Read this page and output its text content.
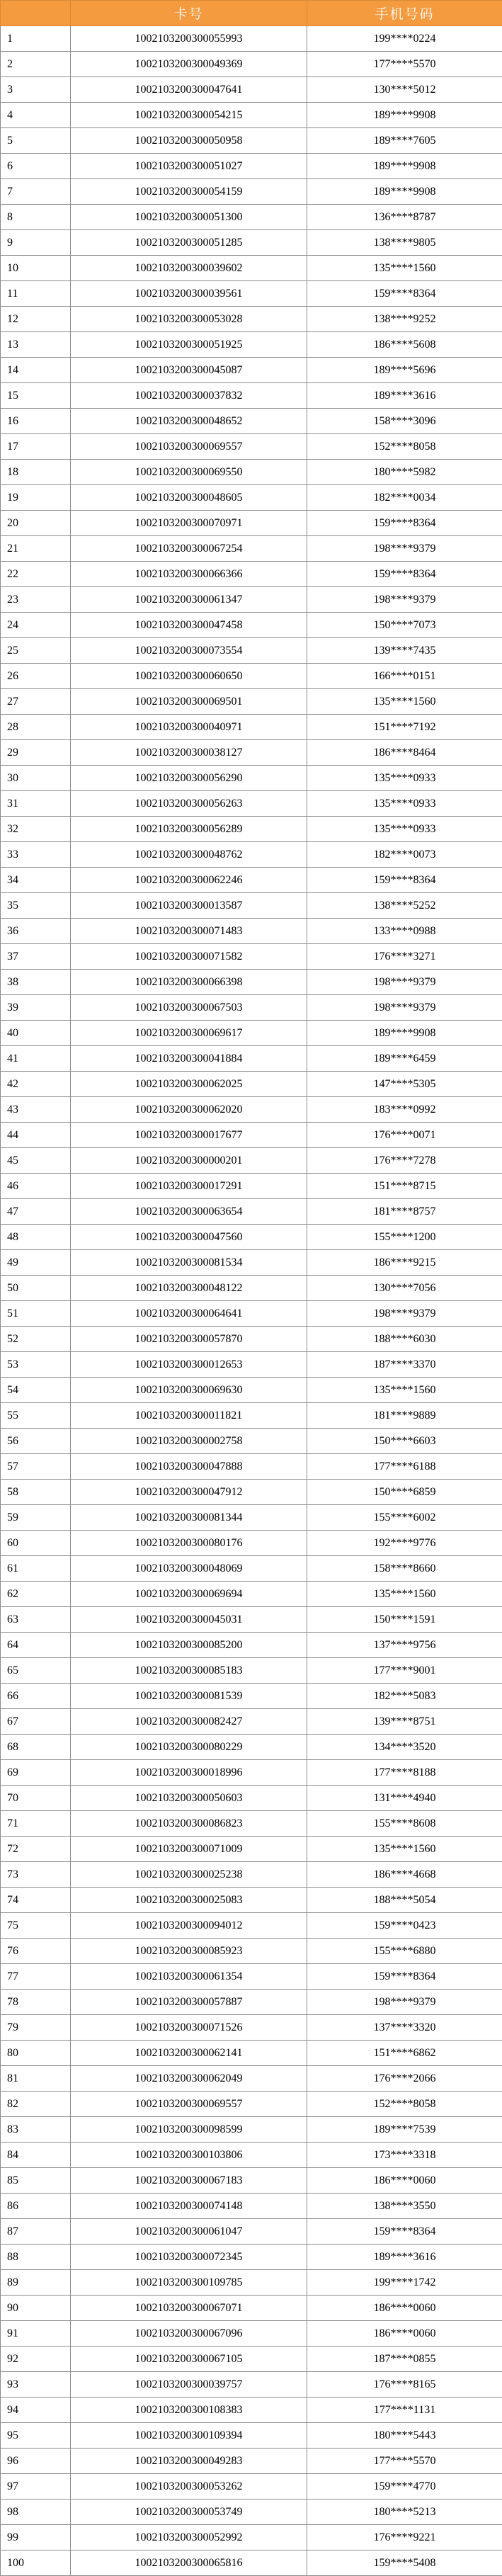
	卡号	手机号码
1	1002103200300055993	199****0224
2	1002103200300049369	177****5570
3	1002103200300047641	130****5012
4	1002103200300054215	189****9908
5	1002103200300050958	189****7605
6	1002103200300051027	189****9908
7	1002103200300054159	189****9908
8	1002103200300051300	136****8787
9	1002103200300051285	138****9805
10	1002103200300039602	135****1560
11	1002103200300039561	159****8364
12	1002103200300053028	138****9252
13	1002103200300051925	186****5608
14	1002103200300045087	189****5696
15	1002103200300037832	189****3616
16	1002103200300048652	158****3096
17	1002103200300069557	152****8058
18	1002103200300069550	180****5982
19	1002103200300048605	182****0034
20	1002103200300070971	159****8364
21	1002103200300067254	198****9379
22	1002103200300066366	159****8364
23	1002103200300061347	198****9379
24	1002103200300047458	150****7073
25	1002103200300073554	139****7435
26	1002103200300060650	166****0151
27	1002103200300069501	135****1560
28	1002103200300040971	151****7192
29	1002103200300038127	186****8464
30	1002103200300056290	135****0933
31	1002103200300056263	135****0933
32	1002103200300056289	135****0933
33	1002103200300048762	182****0073
34	1002103200300062246	159****8364
35	1002103200300013587	138****5252
36	1002103200300071483	133****0988
37	1002103200300071582	176****3271
38	1002103200300066398	198****9379
39	1002103200300067503	198****9379
40	1002103200300069617	189****9908
41	1002103200300041884	189****6459
42	1002103200300062025	147****5305
43	1002103200300062020	183****0992
44	1002103200300017677	176****0071
45	1002103200300000201	176****7278
46	1002103200300017291	151****8715
47	1002103200300063654	181****8757
48	1002103200300047560	155****1200
49	1002103200300081534	186****9215
50	1002103200300048122	130****7056
51	1002103200300064641	198****9379
52	1002103200300057870	188****6030
53	1002103200300012653	187****3370
54	1002103200300069630	135****1560
55	1002103200300011821	181****9889
56	1002103200300002758	150****6603
57	1002103200300047888	177****6188
58	1002103200300047912	150****6859
59	1002103200300081344	155****6002
60	1002103200300080176	192****9776
61	1002103200300048069	158****8660
62	1002103200300069694	135****1560
63	1002103200300045031	150****1591
64	1002103200300085200	137****9756
65	1002103200300085183	177****9001
66	1002103200300081539	182****5083
67	1002103200300082427	139****8751
68	1002103200300080229	134****3520
69	1002103200300018996	177****8188
70	1002103200300050603	131****4940
71	1002103200300086823	155****8608
72	1002103200300071009	135****1560
73	1002103200300025238	186****4668
74	1002103200300025083	188****5054
75	1002103200300094012	159****0423
76	1002103200300085923	155****6880
77	1002103200300061354	159****8364
78	1002103200300057887	198****9379
79	1002103200300071526	137****3320
80	1002103200300062141	151****6862
81	1002103200300062049	176****2066
82	1002103200300069557	152****8058
83	1002103200300098599	189****7539
84	1002103200300103806	173****3318
85	1002103200300067183	186****0060
86	1002103200300074148	138****3550
87	1002103200300061047	159****8364
88	1002103200300072345	189****3616
89	1002103200300109785	199****1742
90	1002103200300067071	186****0060
91	1002103200300067096	186****0060
92	1002103200300067105	187****0855
93	1002103200300039757	176****8165
94	1002103200300108383	177****1131
95	1002103200300109394	180****5443
96	1002103200300049283	177****5570
97	1002103200300053262	159****4770
98	1002103200300053749	180****5213
99	1002103200300052992	176****9221
100	1002103200300065816	159****5408
